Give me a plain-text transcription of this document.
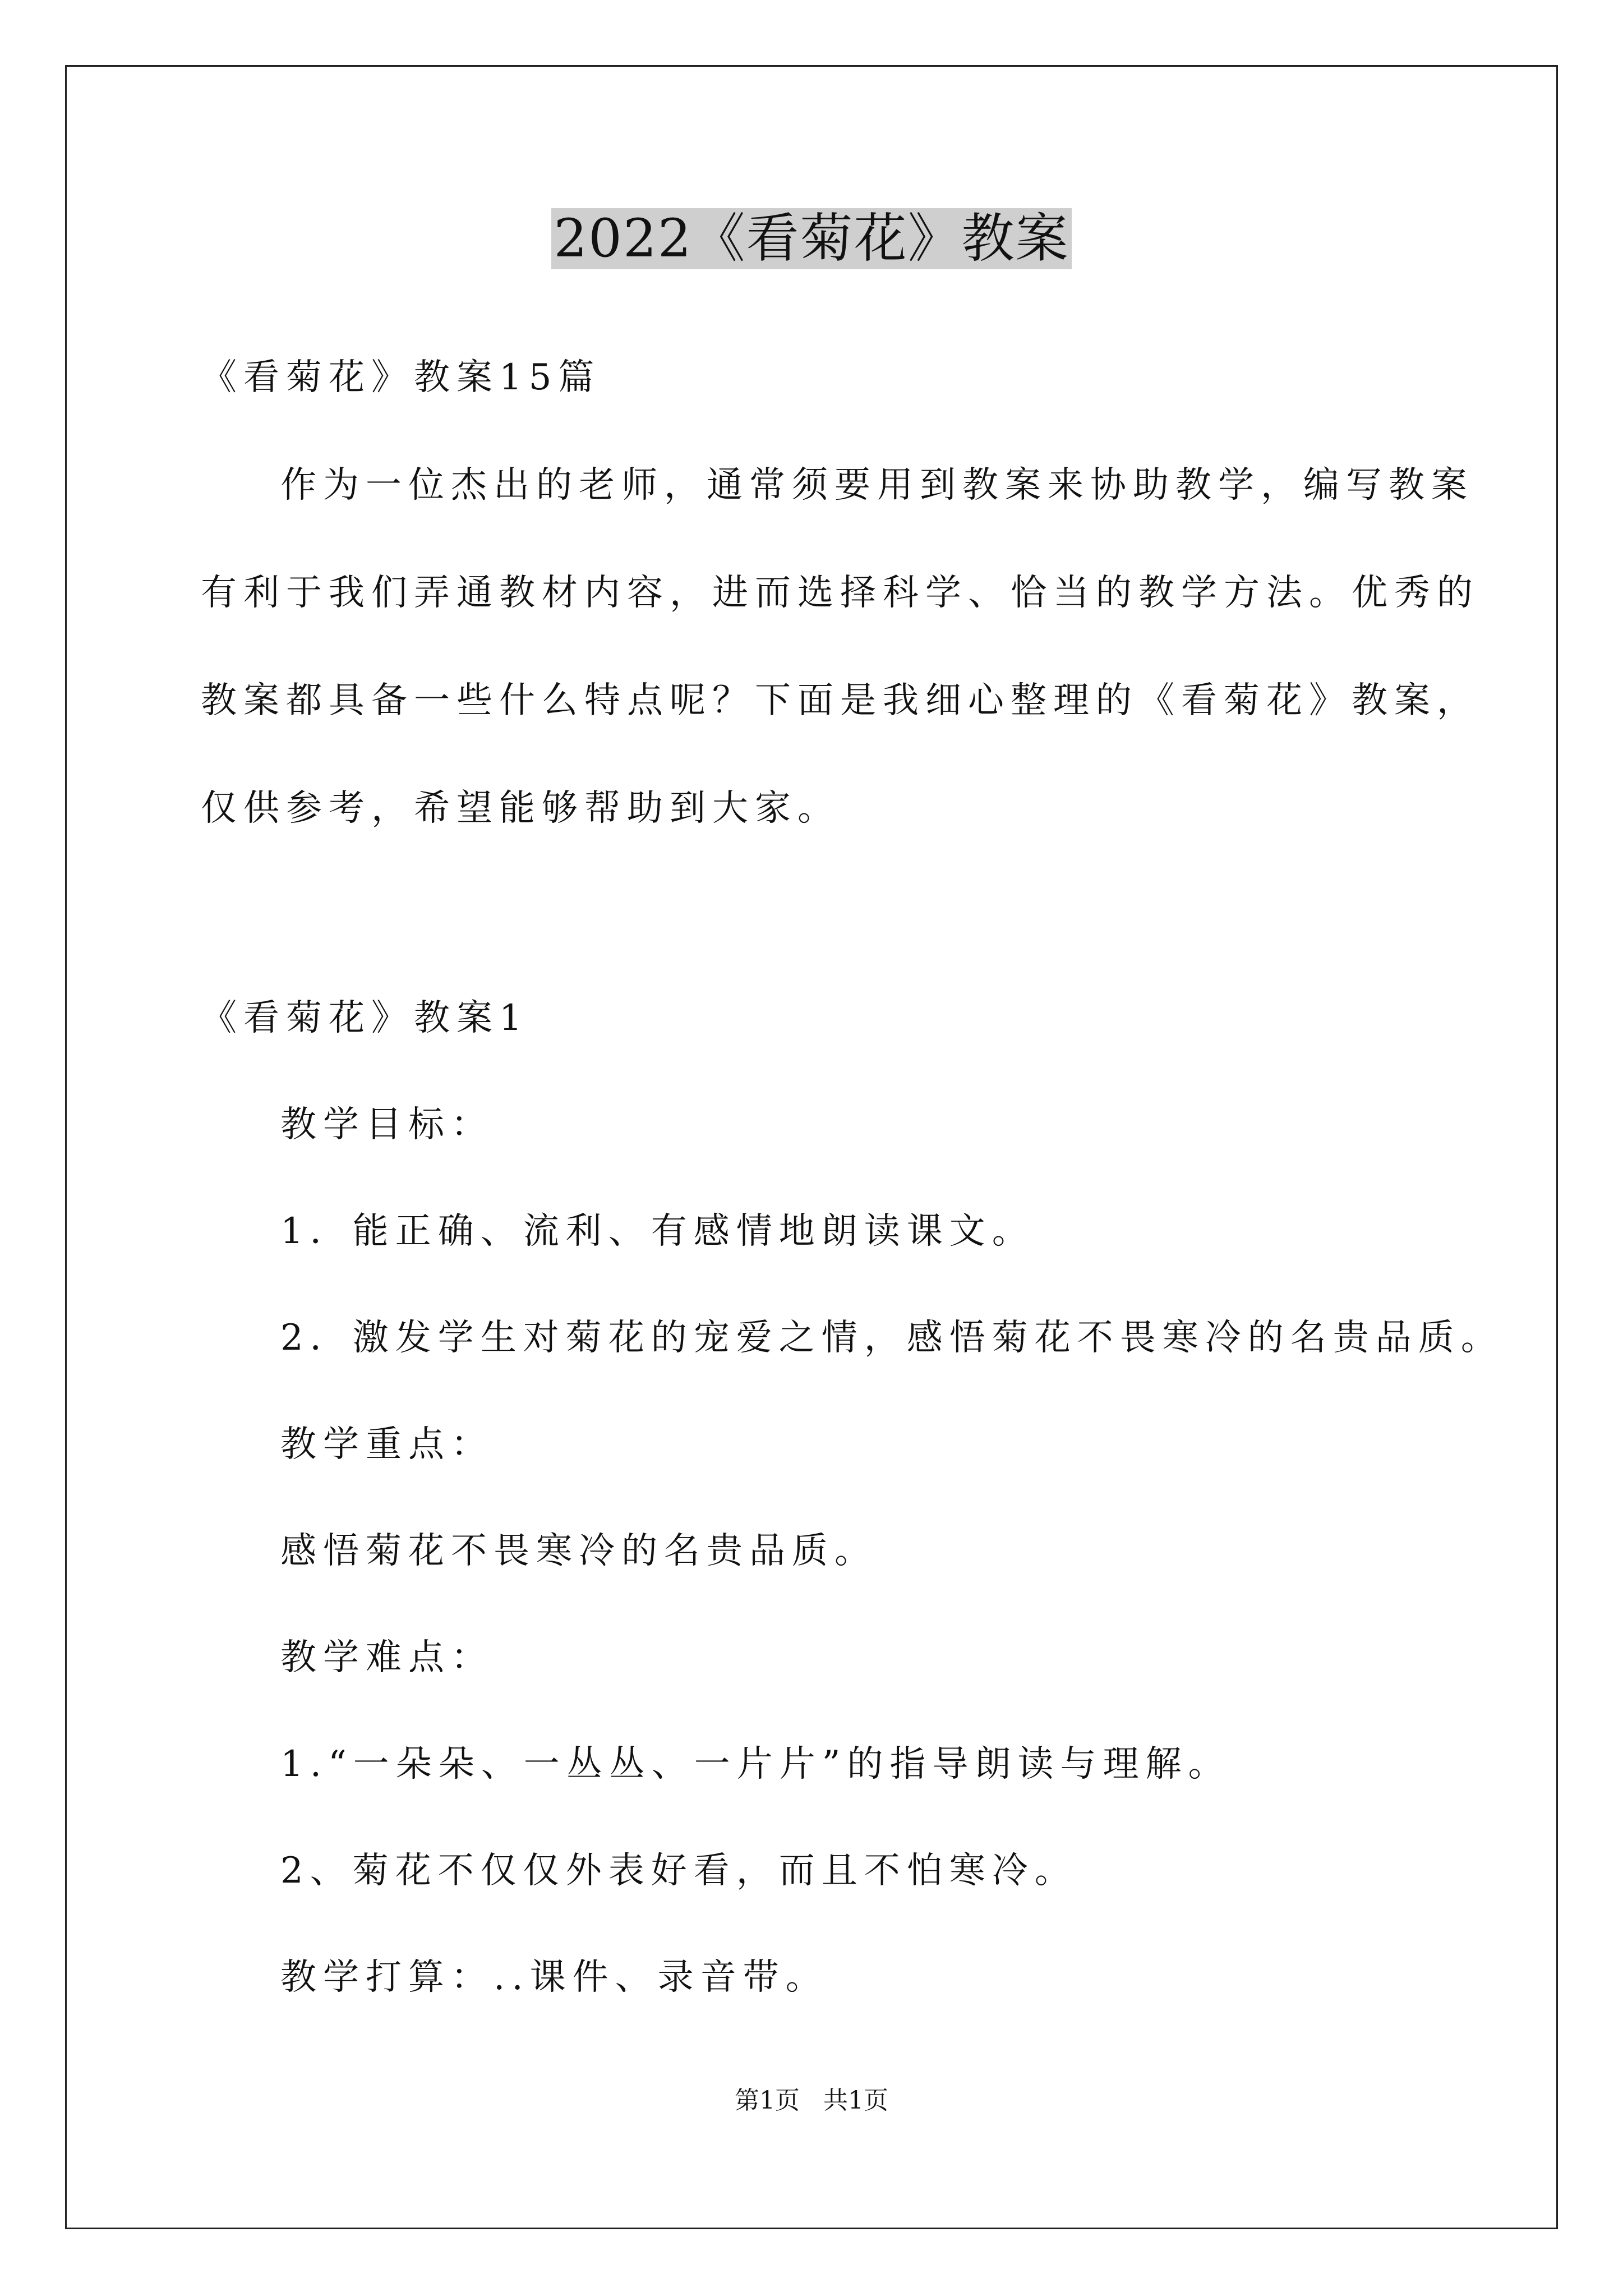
2022《看菊花》教案
《看菊花》教案15篇
作为一位杰出的老师，通常须要用到教案来协助教学，编写教案
有利于我们弄通教材内容，进而选择科学、恰当的教学方法。优秀的
教案都具备一些什么特点呢？下面是我细心整理的《看菊花》教案，
仅供参考，希望能够帮助到大家。
《看菊花》教案1
教学目标：
1．能正确、流利、有感情地朗读课文。
2．激发学生对菊花的宠爱之情，感悟菊花不畏寒冷的名贵品质。
教学重点：
感悟菊花不畏寒冷的名贵品质。
教学难点：
1.“一朵朵、一丛丛、一片片”的指导朗读与理解。
2、菊花不仅仅外表好看，而且不怕寒冷。
教学打算：..课件、录音带。
第1页   共1页
